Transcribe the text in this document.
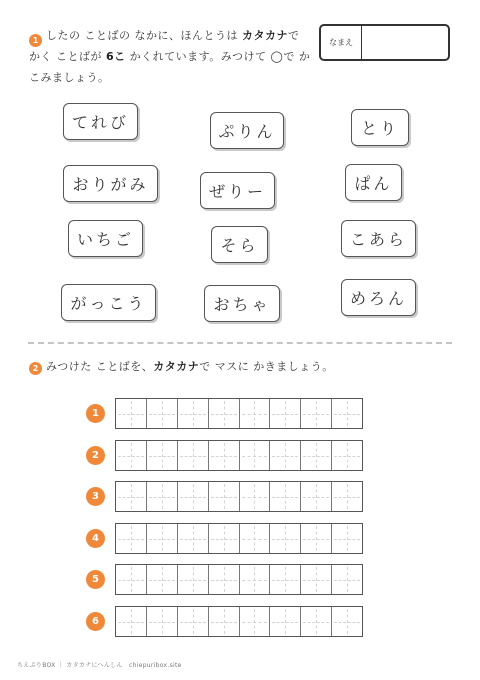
1 したの ことばの なかに、ほんとうは カタカナで
かく ことばが 6こ かくれています。みつけて ◯で か
こみましょう。
なまえ
てれび	ぷりん	とり
おりがみ	ぜりー	ぱん
いちご	そら	こあら
がっこう	おちゃ	めろん
2 みつけた ことばを、カタカナで マスに かきましょう。
1
2
3
4
5
6
ちえぷりBOX ｜ カタカナにへんしん　chiepuribox.site
